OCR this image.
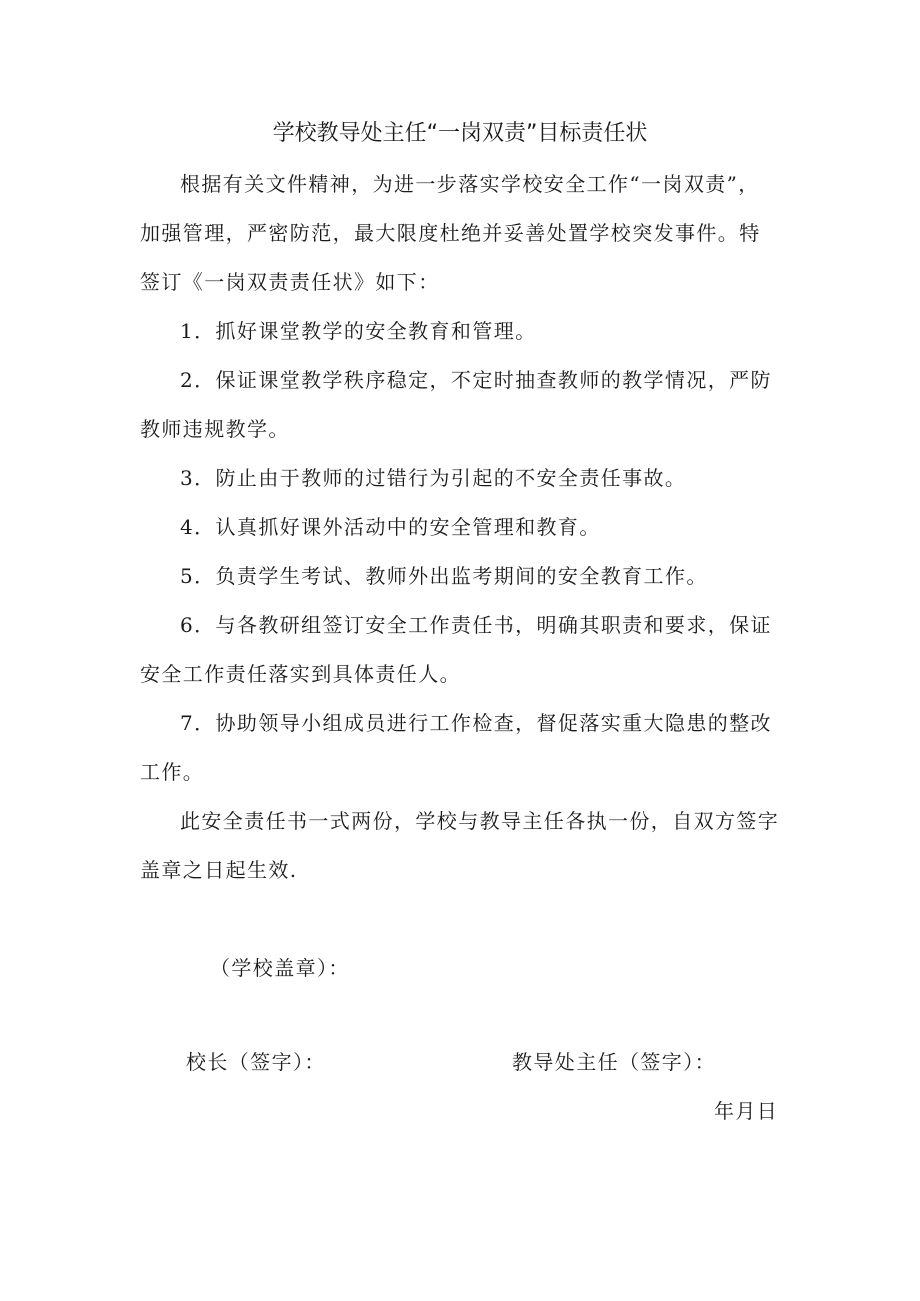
学校教导处主任“一岗双责”目标责任状

根据有关文件精神，为进一步落实学校安全工作“一岗双责”，加强管理，严密防范，最大限度杜绝并妥善处置学校突发事件。特签订《一岗双责责任状》如下：

1．抓好课堂教学的安全教育和管理。

2．保证课堂教学秩序稳定，不定时抽查教师的教学情况，严防教师违规教学。

3．防止由于教师的过错行为引起的不安全责任事故。

4．认真抓好课外活动中的安全管理和教育。

5．负责学生考试、教师外出监考期间的安全教育工作。

6．与各教研组签订安全工作责任书，明确其职责和要求，保证安全工作责任落实到具体责任人。

7．协助领导小组成员进行工作检查，督促落实重大隐患的整改工作。

此安全责任书一式两份，学校与教导主任各执一份，自双方签字盖章之日起生效.

（学校盖章）：
校长（签字）：	教导处主任（签字）：
年月日
